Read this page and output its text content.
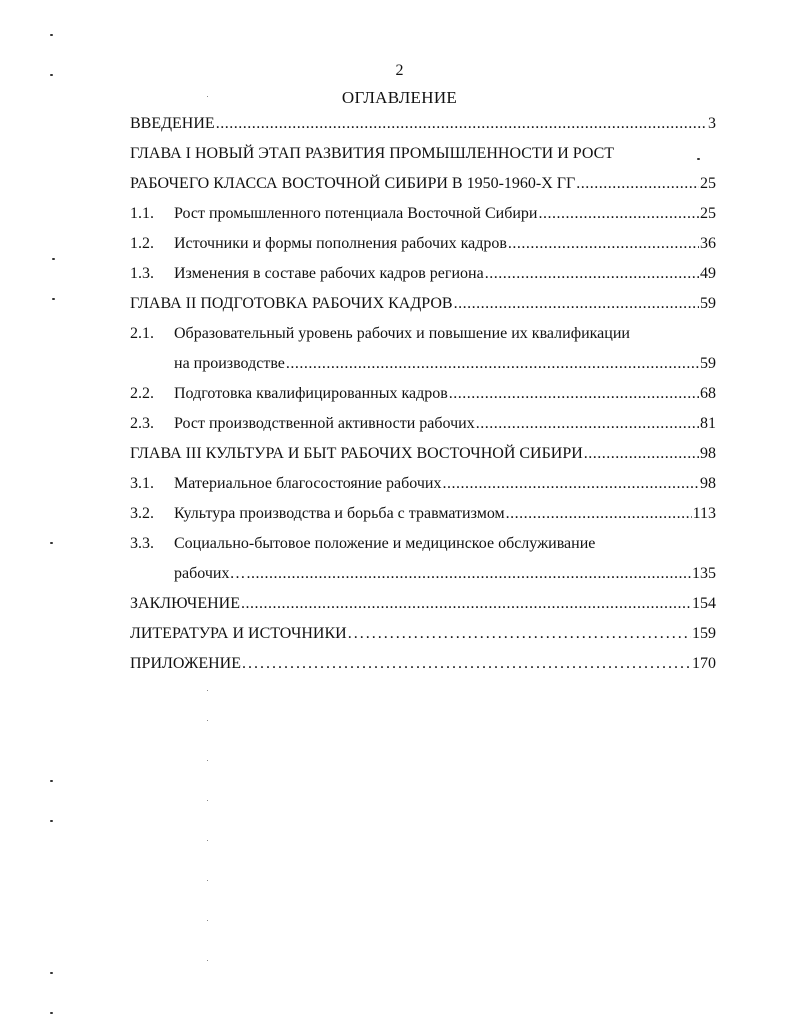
2
ОГЛАВЛЕНИЕ
ВВЕДЕНИЕ .....	3
ГЛАВА I НОВЫЙ ЭТАП РАЗВИТИЯ ПРОМЫШЛЕННОСТИ И РОСТ
РАБОЧЕГО КЛАССА ВОСТОЧНОЙ СИБИРИ В 1950-1960-Х ГГ .....	25
1.1.	Рост промышленного потенциала Восточной Сибири .....	25
1.2.	Источники и формы пополнения рабочих кадров .....	36
1.3.	Изменения в составе рабочих кадров региона .....	49
ГЛАВА II ПОДГОТОВКА РАБОЧИХ КАДРОВ .....	59
2.1.	Образовательный уровень рабочих и повышение их квалификации
на производстве .....	59
2.2.	Подготовка квалифицированных кадров .....	68
2.3.	Рост производственной активности рабочих .....	81
ГЛАВА III КУЛЬТУРА И БЫТ РАБОЧИХ ВОСТОЧНОЙ СИБИРИ .....	98
3.1.	Материальное благосостояние рабочих .....	98
3.2.	Культура производства и борьба с травматизмом .....	113
3.3.	Социально-бытовое положение и медицинское обслуживание
рабочих… .....	135
ЗАКЛЮЧЕНИЕ .....	154
ЛИТЕРАТУРА И ИСТОЧНИКИ .....	159
ПРИЛОЖЕНИЕ .....	170
